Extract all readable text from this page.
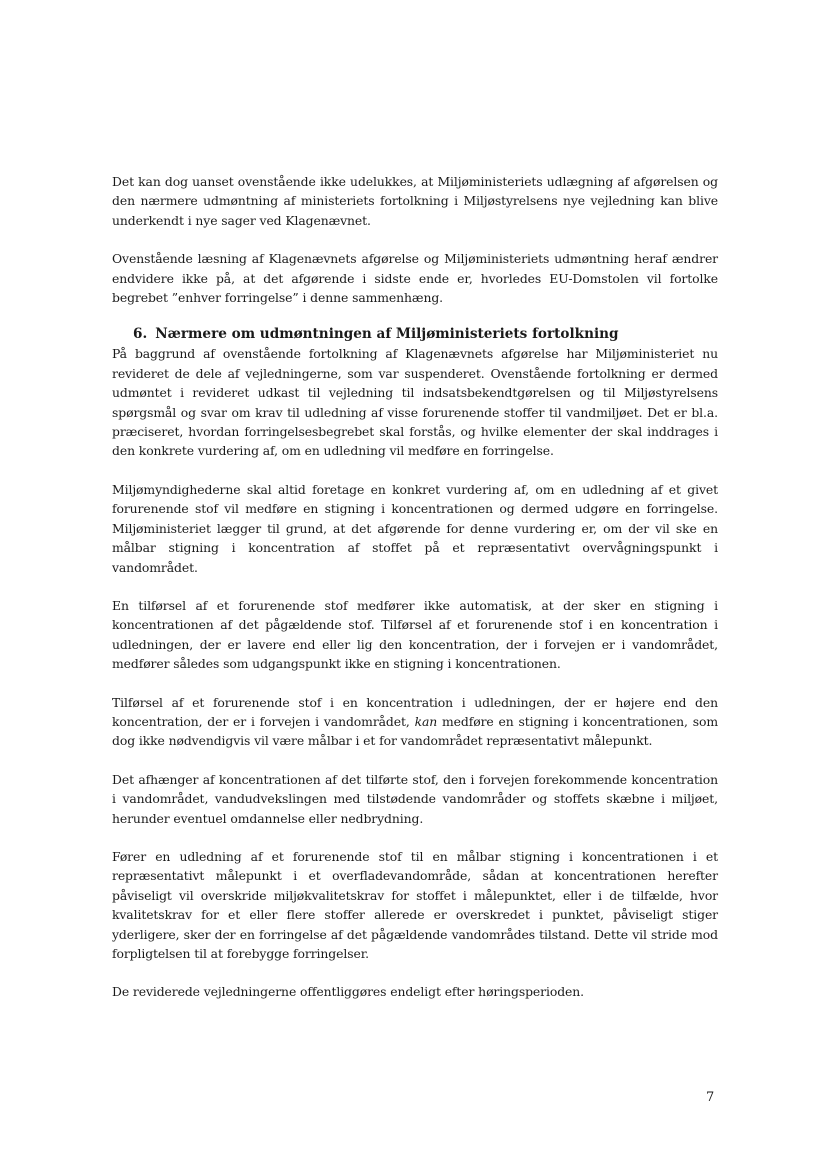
Det kan dog uanset ovenstående ikke udelukkes, at Miljøministeriets udlægning af afgørelsen og den nærmere udmøntning af ministeriets fortolkning i Miljøstyrelsens nye vejledning kan blive underkendt i nye sager ved Klagenævnet.

Ovenstående læsning af Klagenævnets afgørelse og Miljøministeriets udmøntning heraf ændrer endvidere ikke på, at det afgørende i sidste ende er, hvorledes EU-Domstolen vil fortolke begrebet ”enhver forringelse” i denne sammenhæng.

6. Nærmere om udmøntningen af Miljøministeriets fortolkning

På baggrund af ovenstående fortolkning af Klagenævnets afgørelse har Miljøministeriet nu revideret de dele af vejledningerne, som var suspenderet. Ovenstående fortolkning er dermed udmøntet i revideret udkast til vejledning til indsatsbekendtgørelsen og til Miljøstyrelsens spørgsmål og svar om krav til udledning af visse forurenende stoffer til vandmiljøet. Det er bl.a. præciseret, hvordan forringelsesbegrebet skal forstås, og hvilke elementer der skal inddrages i den konkrete vurdering af, om en udledning vil medføre en forringelse.

Miljømyndighederne skal altid foretage en konkret vurdering af, om en udledning af et givet forurenende stof vil medføre en stigning i koncentrationen og dermed udgøre en forringelse. Miljøministeriet lægger til grund, at det afgørende for denne vurdering er, om der vil ske en målbar stigning i koncentration af stoffet på et repræsentativt overvågningspunkt i vandområdet.

En tilførsel af et forurenende stof medfører ikke automatisk, at der sker en stigning i koncentrationen af det pågældende stof. Tilførsel af et forurenende stof i en koncentration i udledningen, der er lavere end eller lig den koncentration, der i forvejen er i vandområdet, medfører således som udgangspunkt ikke en stigning i koncentrationen.

Tilførsel af et forurenende stof i en koncentration i udledningen, der er højere end den koncentration, der er i forvejen i vandområdet, kan medføre en stigning i koncentrationen, som dog ikke nødvendigvis vil være målbar i et for vandområdet repræsentativt målepunkt.

Det afhænger af koncentrationen af det tilførte stof, den i forvejen forekommende koncentration i vandområdet, vandudvekslingen med tilstødende vandområder og stoffets skæbne i miljøet, herunder eventuel omdannelse eller nedbrydning.

Fører en udledning af et forurenende stof til en målbar stigning i koncentrationen i et repræsentativt målepunkt i et overfladevandområde, sådan at koncentrationen herefter påviseligt vil overskride miljøkvalitetskrav for stoffet i målepunktet, eller i de tilfælde, hvor kvalitetskrav for et eller flere stoffer allerede er overskredet i punktet, påviseligt stiger yderligere, sker der en forringelse af det pågældende vandområdes tilstand. Dette vil stride mod forpligtelsen til at forebygge forringelser.

De reviderede vejledningerne offentliggøres endeligt efter høringsperioden.

7
